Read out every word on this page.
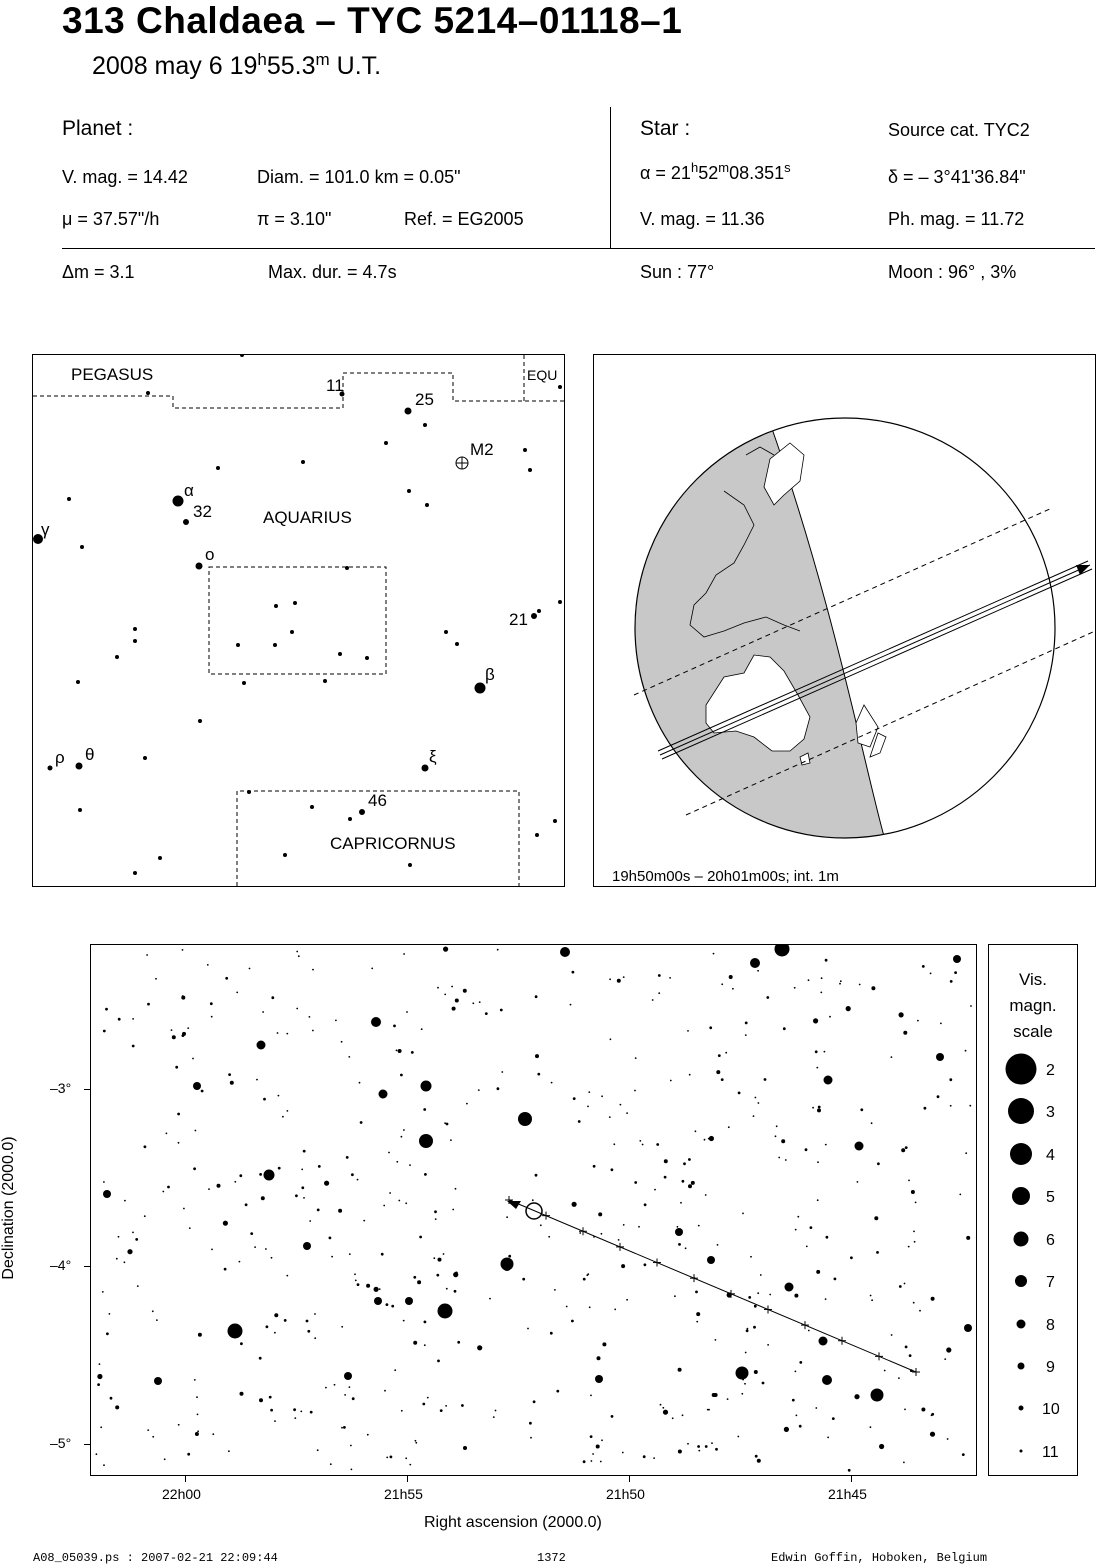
313 Chaldaea – TYC 5214–01118–1
2008 may 6 19$^h$55.3$^m$ U.T.
Planet :	Star :	Source cat. TYC2
V. mag. = 14.42	Diam. = 101.0 km = 0.05"	$\alpha = 21^h52^m08.351^s$	δ = – 3°41'36.84"
μ = 37.57"/h	π = 3.10"	Ref. = EG2005	V. mag. = 11.36	Ph. mag. = 11.72
Δm = 3.1	Max. dur. = 4.7s	Sun : 77°	Moon : 96° , 3%
PEGASUS
AQUARIUS
CAPRICORNUS
EQU
11
25
M2
α
32
γ
ο
21
β
ρ θ	ξ
46
19h50m00s – 20h01m00s; int. 1m
–3°
–4°
–5°
22h00	21h55	21h50	21h45
Right ascension (2000.0)
Declination (2000.0)
Vis.
magn.
scale
2
3
4
5
6
7
8
9
10
11
A08_05039.ps : 2007-02-21 22:09:44	1372	Edwin Goffin, Hoboken, Belgium
